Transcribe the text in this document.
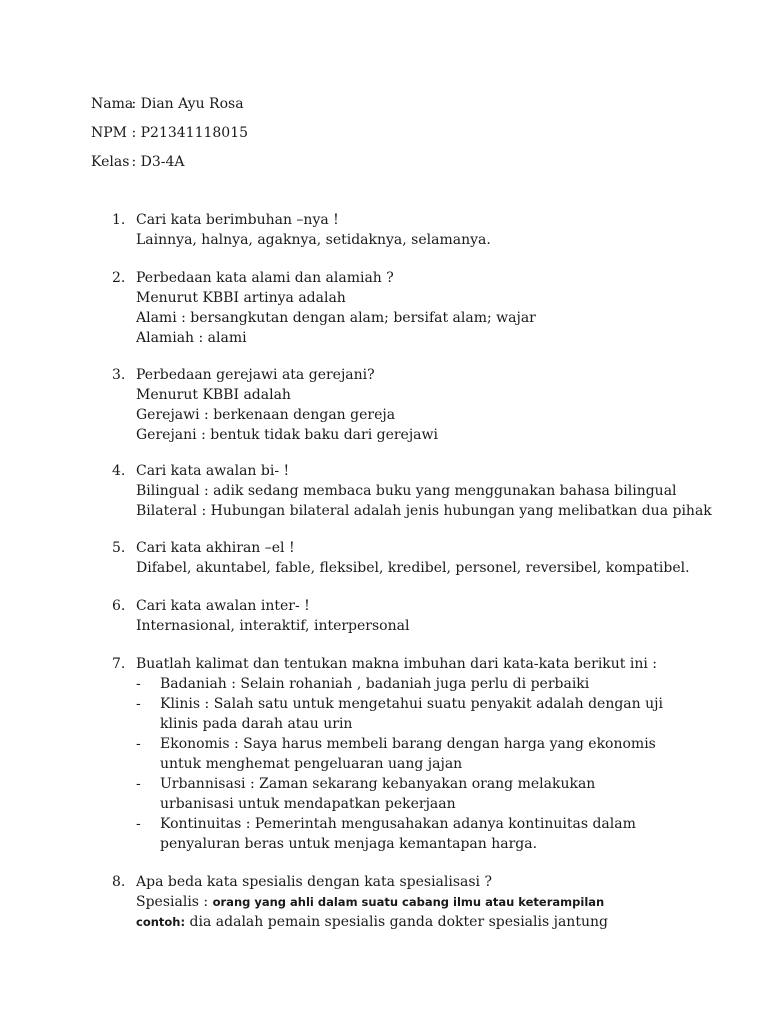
Nama : Dian Ayu Rosa
NPM : P21341118015
Kelas : D3-4A
1. Cari kata berimbuhan –nya !
Lainnya, halnya, agaknya, setidaknya, selamanya.
2. Perbedaan kata alami dan alamiah ?
Menurut KBBI artinya adalah
Alami : bersangkutan dengan alam; bersifat alam; wajar
Alamiah : alami
3. Perbedaan gerejawi ata gerejani?
Menurut KBBI adalah
Gerejawi : berkenaan dengan gereja
Gerejani : bentuk tidak baku dari gerejawi
4. Cari kata awalan bi- !
Bilingual : adik sedang membaca buku yang menggunakan bahasa bilingual
Bilateral : Hubungan bilateral adalah jenis hubungan yang melibatkan dua pihak
5. Cari kata akhiran –el !
Difabel, akuntabel, fable, fleksibel, kredibel, personel, reversibel, kompatibel.
6. Cari kata awalan inter- !
Internasional, interaktif, interpersonal
7. Buatlah kalimat dan tentukan makna imbuhan dari kata-kata berikut ini :
- Badaniah : Selain rohaniah , badaniah juga perlu di perbaiki
- Klinis : Salah satu untuk mengetahui suatu penyakit adalah dengan uji klinis pada darah atau urin
- Ekonomis : Saya harus membeli barang dengan harga yang ekonomis untuk menghemat pengeluaran uang jajan
- Urbannisasi : Zaman sekarang kebanyakan orang melakukan urbanisasi untuk mendapatkan pekerjaan
- Kontinuitas : Pemerintah mengusahakan adanya kontinuitas dalam penyaluran beras untuk menjaga kemantapan harga.
8. Apa beda kata spesialis dengan kata spesialisasi ?
Spesialis : orang yang ahli dalam suatu cabang ilmu atau keterampilan
contoh: dia adalah pemain spesialis ganda dokter spesialis jantung
